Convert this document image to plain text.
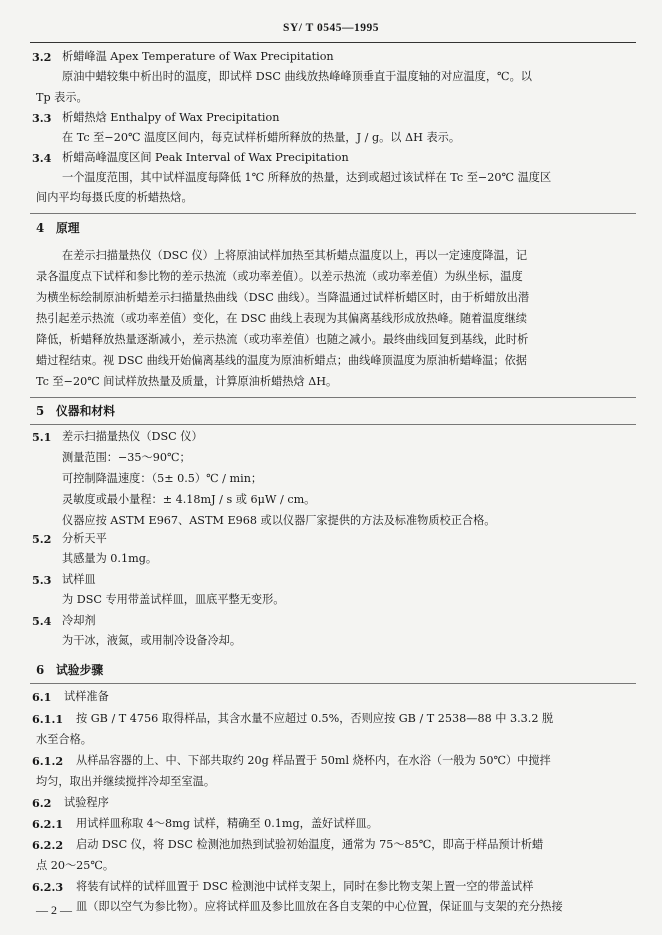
SY/ T 0545—1995
3.2 析蜡峰温 Apex Temperature of Wax Precipitation
原油中蜡较集中析出时的温度，即试样 DSC 曲线放热峰峰顶垂直于温度轴的对应温度，℃。以
Tp 表示。
3.3 析蜡热焓 Enthalpy of Wax Precipitation
在 Tc 至−20℃ 温度区间内，每克试样析蜡所释放的热量，J / g。以 ΔH 表示。
3.4 析蜡高峰温度区间 Peak Interval of Wax Precipitation
一个温度范围，其中试样温度每降低 1℃ 所释放的热量，达到或超过该试样在 Tc 至−20℃ 温度区
间内平均每摄氏度的析蜡热焓。
4 原理
在差示扫描量热仪（DSC 仪）上将原油试样加热至其析蜡点温度以上，再以一定速度降温，记
录各温度点下试样和参比物的差示热流（或功率差值）。以差示热流（或功率差值）为纵坐标，温度
为横坐标绘制原油析蜡差示扫描量热曲线（DSC 曲线）。当降温通过试样析蜡区时，由于析蜡放出潜
热引起差示热流（或功率差值）变化，在 DSC 曲线上表现为其偏离基线形成放热峰。随着温度继续
降低，析蜡释放热量逐渐减小，差示热流（或功率差值）也随之减小。最终曲线回复到基线，此时析
蜡过程结束。视 DSC 曲线开始偏离基线的温度为原油析蜡点；曲线峰顶温度为原油析蜡峰温；依据
Tc 至−20℃ 间试样放热量及质量，计算原油析蜡热焓 ΔH。
5 仪器和材料
5.1 差示扫描量热仪（DSC 仪）
测量范围：−35～90℃；
可控制降温速度：（5± 0.5）℃ / min；
灵敏度或最小量程：± 4.18mJ / s 或 6μW / cm。
仪器应按 ASTM E967、ASTM E968 或以仪器厂家提供的方法及标准物质校正合格。
5.2 分析天平
其感量为 0.1mg。
5.3 试样皿
为 DSC 专用带盖试样皿，皿底平整无变形。
5.4 冷却剂
为干冰，液氮，或用制冷设备冷却。
6 试验步骤
6.1 试样准备
6.1.1 按 GB / T 4756 取得样品，其含水量不应超过 0.5%，否则应按 GB / T 2538—88 中 3.3.2 脱
水至合格。
6.1.2 从样品容器的上、中、下部共取约 20g 样品置于 50ml 烧杯内，在水浴（一般为 50℃）中搅拌
均匀，取出并继续搅拌冷却至室温。
6.2 试验程序
6.2.1 用试样皿称取 4～8mg 试样，精确至 0.1mg，盖好试样皿。
6.2.2 启动 DSC 仪，将 DSC 检测池加热到试验初始温度，通常为 75～85℃，即高于样品预计析蜡
点 20～25℃。
6.2.3 将装有试样的试样皿置于 DSC 检测池中试样支架上，同时在参比物支架上置一空的带盖试样
皿（即以空气为参比物）。应将试样皿及参比皿放在各自支架的中心位置，保证皿与支架的充分热接
— 2 —
